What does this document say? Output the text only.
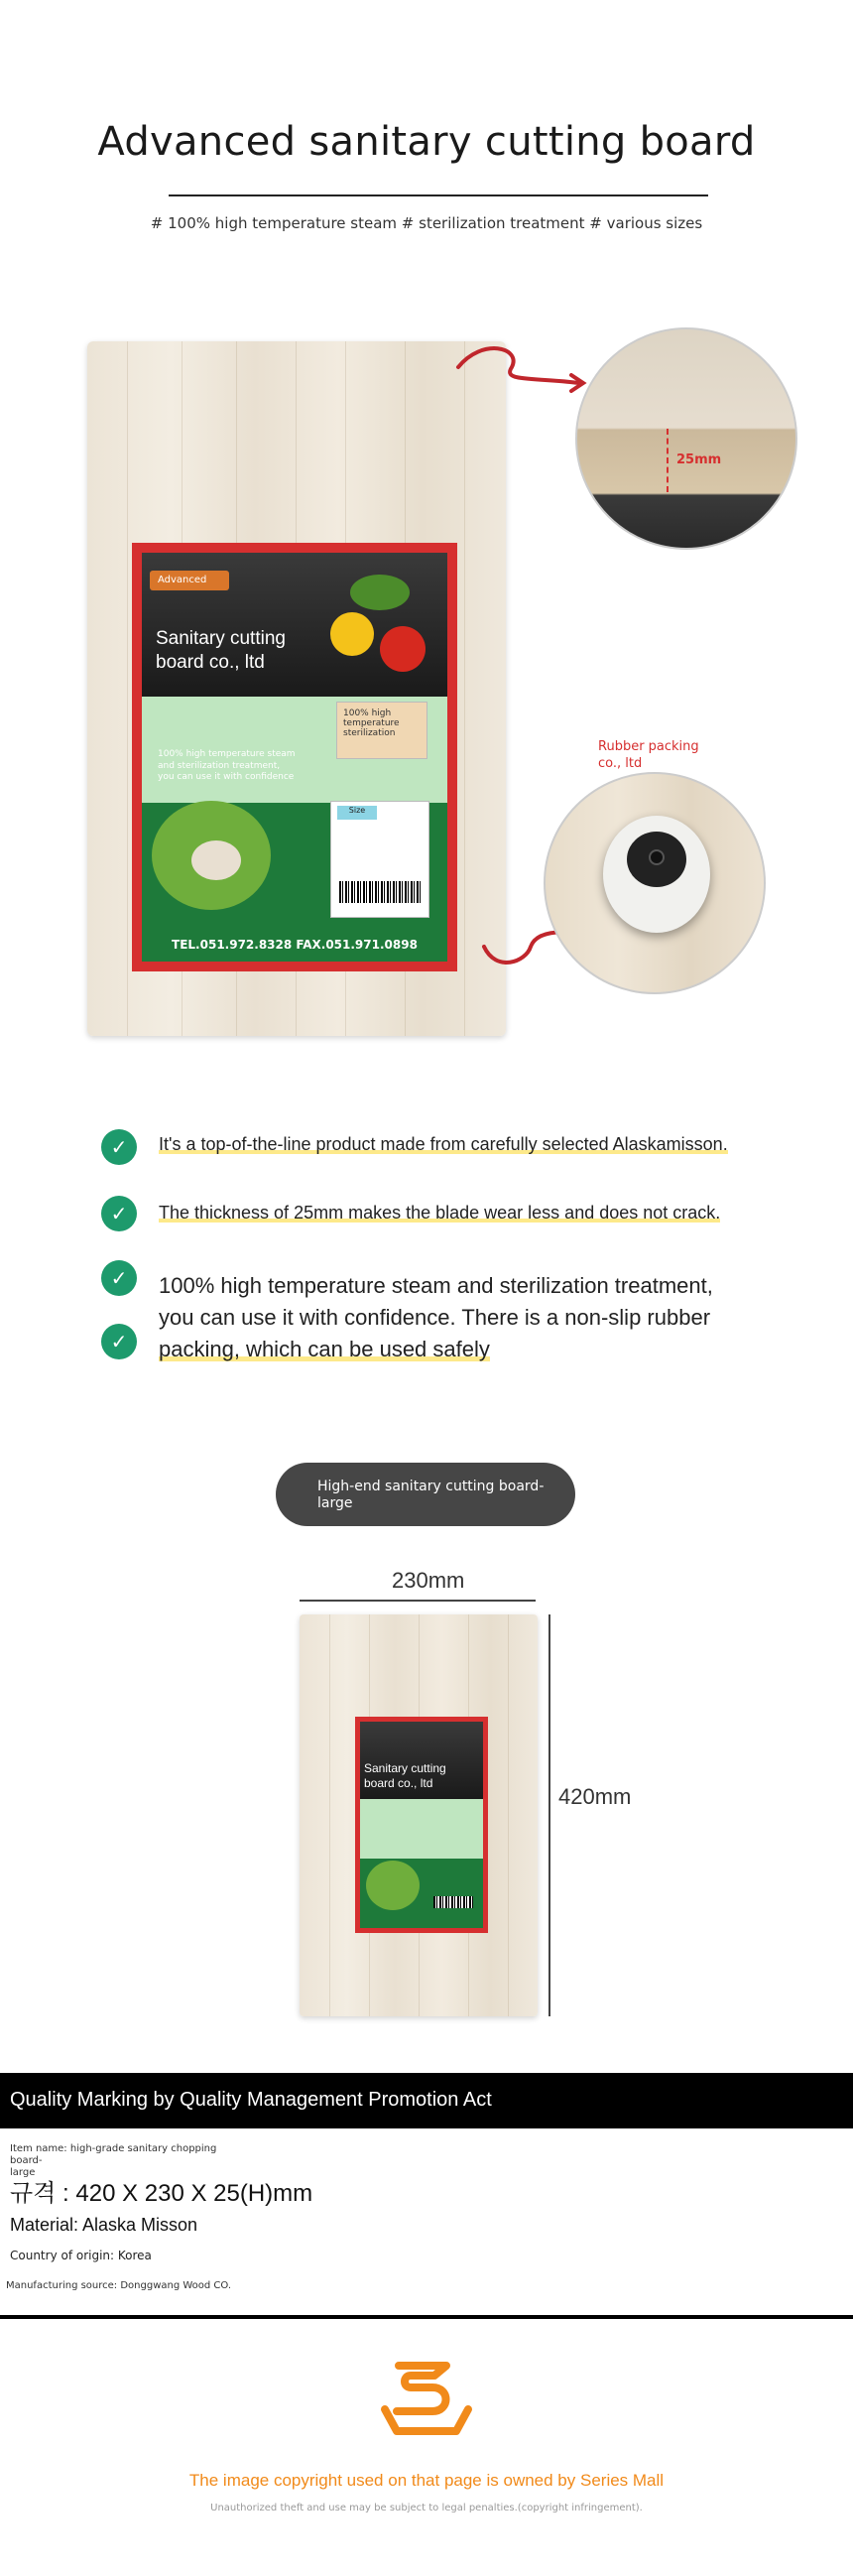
Advanced sanitary cutting board
# 100% high temperature steam # sterilization treatment # various sizes
Advanced
Sanitary cutting board co., ltd
100% high temperature steam and sterilization treatment, you can use it with confidence
100% high temperature sterilization
Size
TEL.051.972.8328 FAX.051.971.0898
25mm
Rubber packing co., ltd
✓	It's a top-of-the-line product made from carefully selected Alaskamisson.
✓	The thickness of 25mm makes the blade wear less and does not crack.
✓
✓
100% high temperature steam and sterilization treatment,
you can use it with confidence. There is a non-slip rubber
packing, which can be used safely
High-end sanitary cutting board-
large
230mm
Sanitary cutting board co., ltd
420mm
Quality Marking by Quality Management Promotion Act
Item name: high-grade sanitary chopping board-
large
규격 : 420 X 230 X 25(H)mm
Material: Alaska Misson
Country of origin: Korea
Manufacturing source: Donggwang Wood CO.
The image copyright used on that page is owned by Series Mall
Unauthorized theft and use may be subject to legal penalties.(copyright infringement).
